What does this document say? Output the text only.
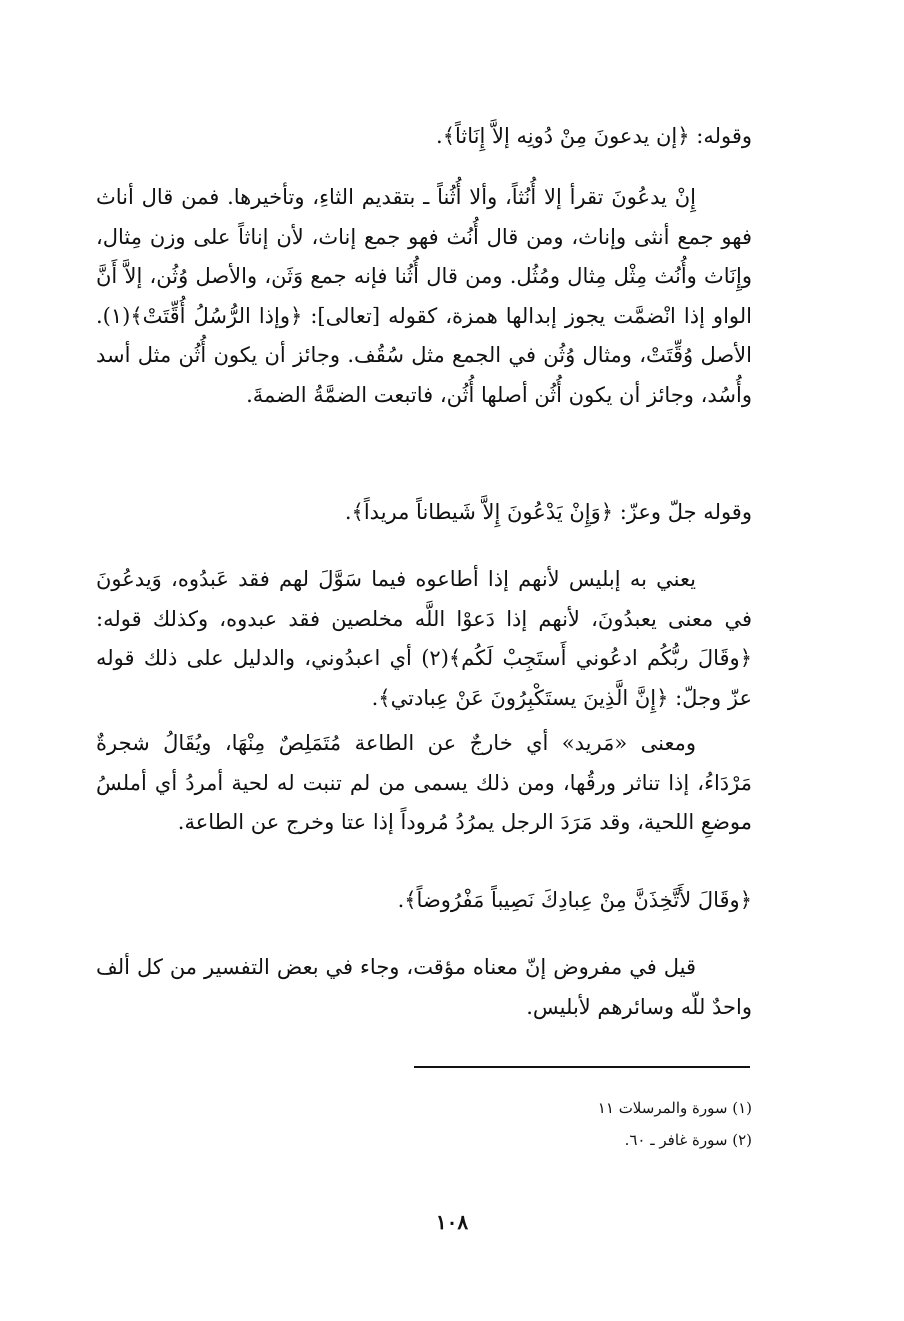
وقوله: ﴿إن يدعونَ مِنْ دُونِه إلاَّ إِنَاثاً﴾.
إِنْ يدعُونَ تقرأ إلا أُنُثاً، وألا أُثُناً ـ بتقديم الثاءِ، وتأخيرها. فمن قال أناث فهو جمع أنثى وإناث، ومن قال أُنُث فهو جمع إناث، لأن إناثاً على وزن مِثال، وإِنَاث وأُنُث مِثْل مِثال ومُثُل. ومن قال أُثُنا فإنه جمع وَثَن، والأصل وُثُن، إلاَّ أَنَّ الواو إذا انْضمَّت يجوز إبدالها همزة، كقوله [تعالى]: ﴿وإذا الرُّسُلُ أُقِّتَتْ﴾(١). الأصل وُقِّتَتْ، ومثال وُثُن في الجمع مثل سُقُف. وجائز أن يكون أُثُن مثل أسد وأُسُد، وجائز أن يكون أُثُن أصلها أُثُن، فاتبعت الضمَّةُ الضمةَ.
وقوله جلّ وعزّ: ﴿وَإِنْ يَدْعُونَ إِلاَّ شَيطاناً مريداً﴾.
يعني به إبليس لأنهم إذا أطاعوه فيما سَوَّلَ لهم فقد عَبدُوه، وَيدعُونَ في معنى يعبدُونَ، لأنهم إذا دَعوْا اللَّه مخلصين فقد عبدوه، وكذلك قوله: ﴿وقَالَ ربُّكُم ادعُوني أَستَجِبْ لَكُم﴾(٢) أي اعبدُوني، والدليل على ذلك قوله عزّ وجلّ: ﴿إِنَّ الَّذِينَ يستَكْبِرُونَ عَنْ عِبادتي﴾.
ومعنى «مَريد» أي خارجٌ عن الطاعة مُتَمَلِصٌ مِنْهَا، ويُقَالُ شجرةٌ مَرْدَاءُ، إذا تناثر ورقُها، ومن ذلك يسمى من لم تنبت له لحية أمردُ أي أملسُ موضعِ اللحية، وقد مَرَدَ الرجل يمرُدُ مُروداً إذا عتا وخرج عن الطاعة.
﴿وقَالَ لأَتَّخِذَنَّ مِنْ عِبادِكَ نَصِيباً مَفْرُوضاً﴾.
قيل في مفروض إنّ معناه مؤقت، وجاء في بعض التفسير من كل ألف واحدٌ للّه وسائرهم لأبليس.
(١) سورة والمرسلات ١١
(٢) سورة غافر ـ ٦٠.
١٠٨
